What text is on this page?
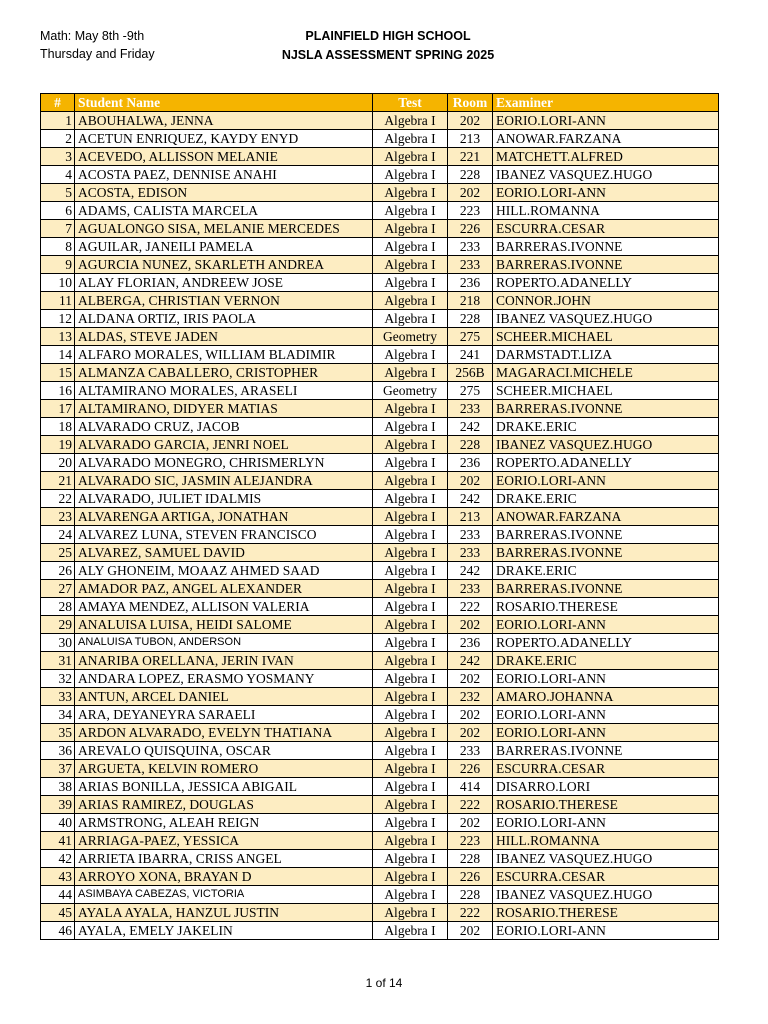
Math: May 8th -9th
Thursday and Friday
PLAINFIELD HIGH SCHOOL
NJSLA ASSESSMENT SPRING 2025
#	Student Name	Test	Room	Examiner
1	ABOUHALWA, JENNA	Algebra I	202	EORIO.LORI-ANN
2	ACETUN ENRIQUEZ, KAYDY ENYD	Algebra I	213	ANOWAR.FARZANA
3	ACEVEDO, ALLISSON MELANIE	Algebra I	221	MATCHETT.ALFRED
4	ACOSTA PAEZ, DENNISE ANAHI	Algebra I	228	IBANEZ VASQUEZ.HUGO
5	ACOSTA, EDISON	Algebra I	202	EORIO.LORI-ANN
6	ADAMS, CALISTA MARCELA	Algebra I	223	HILL.ROMANNA
7	AGUALONGO SISA, MELANIE MERCEDES	Algebra I	226	ESCURRA.CESAR
8	AGUILAR, JANEILI PAMELA	Algebra I	233	BARRERAS.IVONNE
9	AGURCIA NUNEZ, SKARLETH ANDREA	Algebra I	233	BARRERAS.IVONNE
10	ALAY FLORIAN, ANDREEW JOSE	Algebra I	236	ROPERTO.ADANELLY
11	ALBERGA, CHRISTIAN VERNON	Algebra I	218	CONNOR.JOHN
12	ALDANA ORTIZ, IRIS PAOLA	Algebra I	228	IBANEZ VASQUEZ.HUGO
13	ALDAS, STEVE JADEN	Geometry	275	SCHEER.MICHAEL
14	ALFARO MORALES, WILLIAM BLADIMIR	Algebra I	241	DARMSTADT.LIZA
15	ALMANZA CABALLERO, CRISTOPHER	Algebra I	256B	MAGARACI.MICHELE
16	ALTAMIRANO MORALES, ARASELI	Geometry	275	SCHEER.MICHAEL
17	ALTAMIRANO, DIDYER MATIAS	Algebra I	233	BARRERAS.IVONNE
18	ALVARADO CRUZ, JACOB	Algebra I	242	DRAKE.ERIC
19	ALVARADO GARCIA, JENRI NOEL	Algebra I	228	IBANEZ VASQUEZ.HUGO
20	ALVARADO MONEGRO, CHRISMERLYN	Algebra I	236	ROPERTO.ADANELLY
21	ALVARADO SIC, JASMIN ALEJANDRA	Algebra I	202	EORIO.LORI-ANN
22	ALVARADO, JULIET IDALMIS	Algebra I	242	DRAKE.ERIC
23	ALVARENGA ARTIGA, JONATHAN	Algebra I	213	ANOWAR.FARZANA
24	ALVAREZ LUNA, STEVEN FRANCISCO	Algebra I	233	BARRERAS.IVONNE
25	ALVAREZ, SAMUEL DAVID	Algebra I	233	BARRERAS.IVONNE
26	ALY GHONEIM, MOAAZ AHMED SAAD	Algebra I	242	DRAKE.ERIC
27	AMADOR PAZ, ANGEL ALEXANDER	Algebra I	233	BARRERAS.IVONNE
28	AMAYA MENDEZ, ALLISON VALERIA	Algebra I	222	ROSARIO.THERESE
29	ANALUISA LUISA, HEIDI SALOME	Algebra I	202	EORIO.LORI-ANN
30	ANALUISA TUBON, ANDERSON	Algebra I	236	ROPERTO.ADANELLY
31	ANARIBA ORELLANA, JERIN IVAN	Algebra I	242	DRAKE.ERIC
32	ANDARA LOPEZ, ERASMO YOSMANY	Algebra I	202	EORIO.LORI-ANN
33	ANTUN, ARCEL DANIEL	Algebra I	232	AMARO.JOHANNA
34	ARA, DEYANEYRA SARAELI	Algebra I	202	EORIO.LORI-ANN
35	ARDON ALVARADO, EVELYN THATIANA	Algebra I	202	EORIO.LORI-ANN
36	AREVALO QUISQUINA, OSCAR	Algebra I	233	BARRERAS.IVONNE
37	ARGUETA, KELVIN ROMERO	Algebra I	226	ESCURRA.CESAR
38	ARIAS BONILLA, JESSICA ABIGAIL	Algebra I	414	DISARRO.LORI
39	ARIAS RAMIREZ, DOUGLAS	Algebra I	222	ROSARIO.THERESE
40	ARMSTRONG, ALEAH REIGN	Algebra I	202	EORIO.LORI-ANN
41	ARRIAGA-PAEZ, YESSICA	Algebra I	223	HILL.ROMANNA
42	ARRIETA IBARRA, CRISS ANGEL	Algebra I	228	IBANEZ VASQUEZ.HUGO
43	ARROYO XONA, BRAYAN D	Algebra I	226	ESCURRA.CESAR
44	ASIMBAYA CABEZAS, VICTORIA	Algebra I	228	IBANEZ VASQUEZ.HUGO
45	AYALA AYALA, HANZUL JUSTIN	Algebra I	222	ROSARIO.THERESE
46	AYALA, EMELY JAKELIN	Algebra I	202	EORIO.LORI-ANN
1 of 14
